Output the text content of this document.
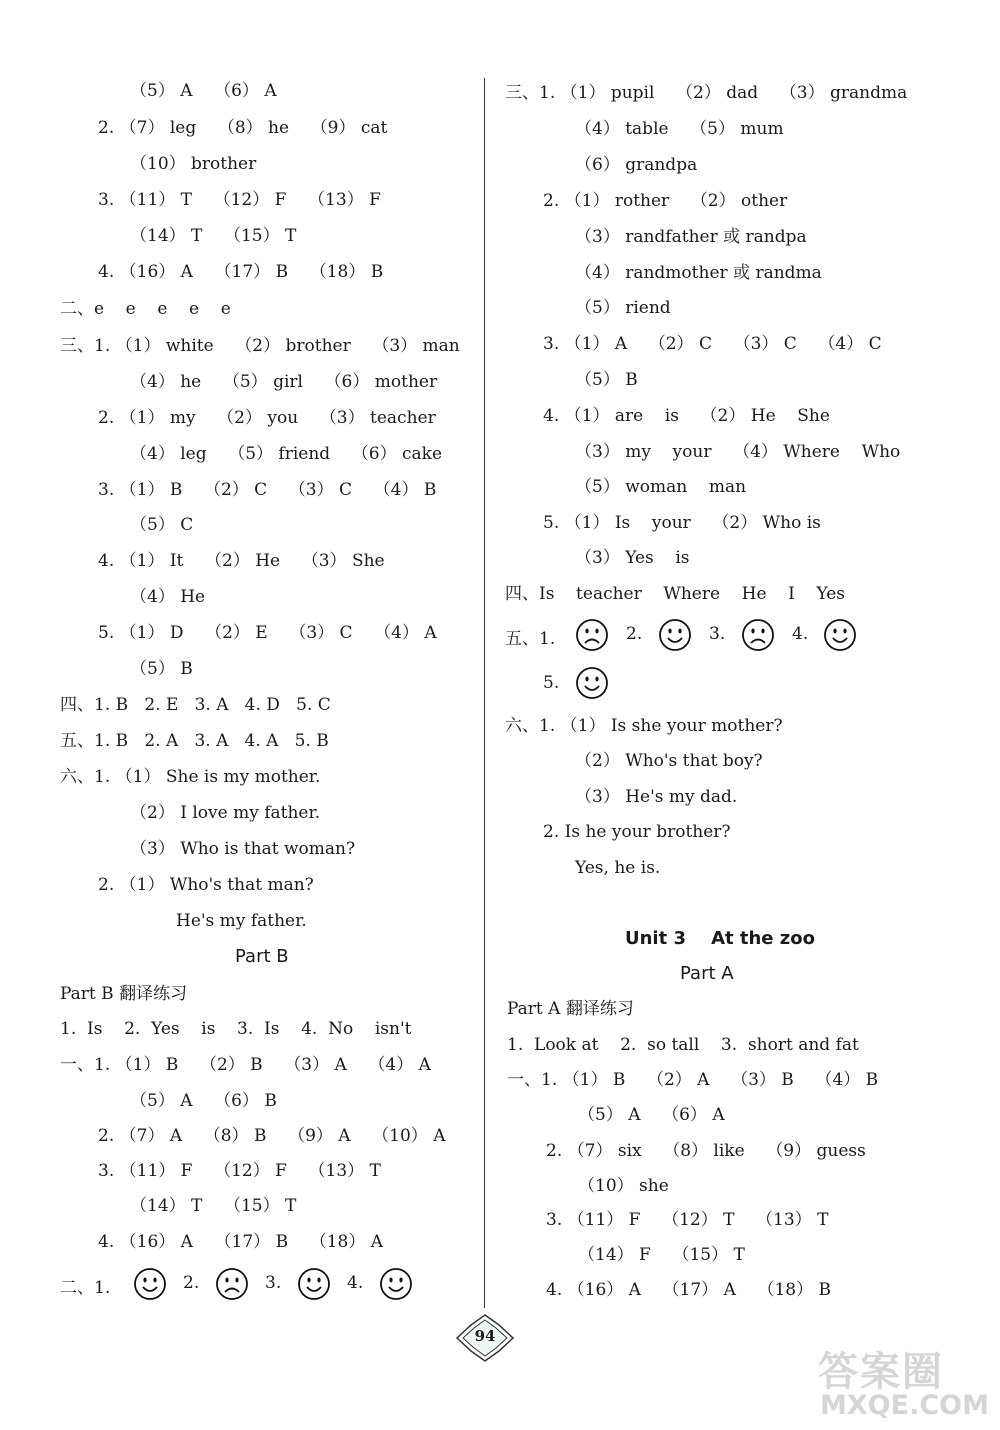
（5） A    （6） A
2. （7） leg    （8） he    （9） cat
（10） brother
3. （11） T    （12） F    （13） F
（14） T    （15） T
4. （16） A    （17） B    （18） B
二、e    e    e    e    e
三、1. （1） white    （2） brother    （3） man
（4） he    （5） girl    （6） mother
2. （1） my    （2） you    （3） teacher
（4） leg    （5） friend    （6） cake
3. （1） B    （2） C    （3） C    （4） B
（5） C
4. （1） It    （2） He    （3） She
（4） He
5. （1） D    （2） E    （3） C    （4） A
（5） B
四、1. B   2. E   3. A   4. D   5. C
五、1. B   2. A   3. A   4. A   5. B
六、1. （1） She is my mother.
（2） I love my father.
（3） Who is that woman?
2. （1） Who's that man?
He's my father.
Part B
Part B 翻译练习
1.  Is    2.  Yes    is    3.  Is    4.  No    isn't
一、1. （1） B    （2） B    （3） A    （4） A
（5） A    （6） B
2. （7） A    （8） B    （9） A    （10） A
3. （11） F    （12） F    （13） T
（14） T    （15） T
4. （16） A    （17） B    （18） A
二、1.	2.	3.	4.
三、1. （1） pupil    （2） dad    （3） grandma
（4） table    （5） mum
（6） grandpa
2. （1） rother    （2） other
（3） randfather 或 randpa
（4） randmother 或 randma
（5） riend
3. （1） A    （2） C    （3） C    （4） C
（5） B
4. （1） are    is    （2） He    She
（3） my    your    （4） Where    Who
（5） woman    man
5. （1） Is    your    （2） Who is
（3） Yes    is
四、Is    teacher    Where    He    I    Yes
五、1.	2.	3.	4.
5.
六、1. （1） Is she your mother?
（2） Who's that boy?
（3） He's my dad.
2. Is he your brother?
Yes, he is.
Unit 3    At the zoo
Part A
Part A 翻译练习
1.  Look at    2.  so tall    3.  short and fat
一、1. （1） B    （2） A    （3） B    （4） B
（5） A    （6） A
2. （7） six    （8） like    （9） guess
（10） she
3. （11） F    （12） T    （13） T
（14） F    （15） T
4. （16） A    （17） A    （18） B
94
答案圈
MXQE.COM
